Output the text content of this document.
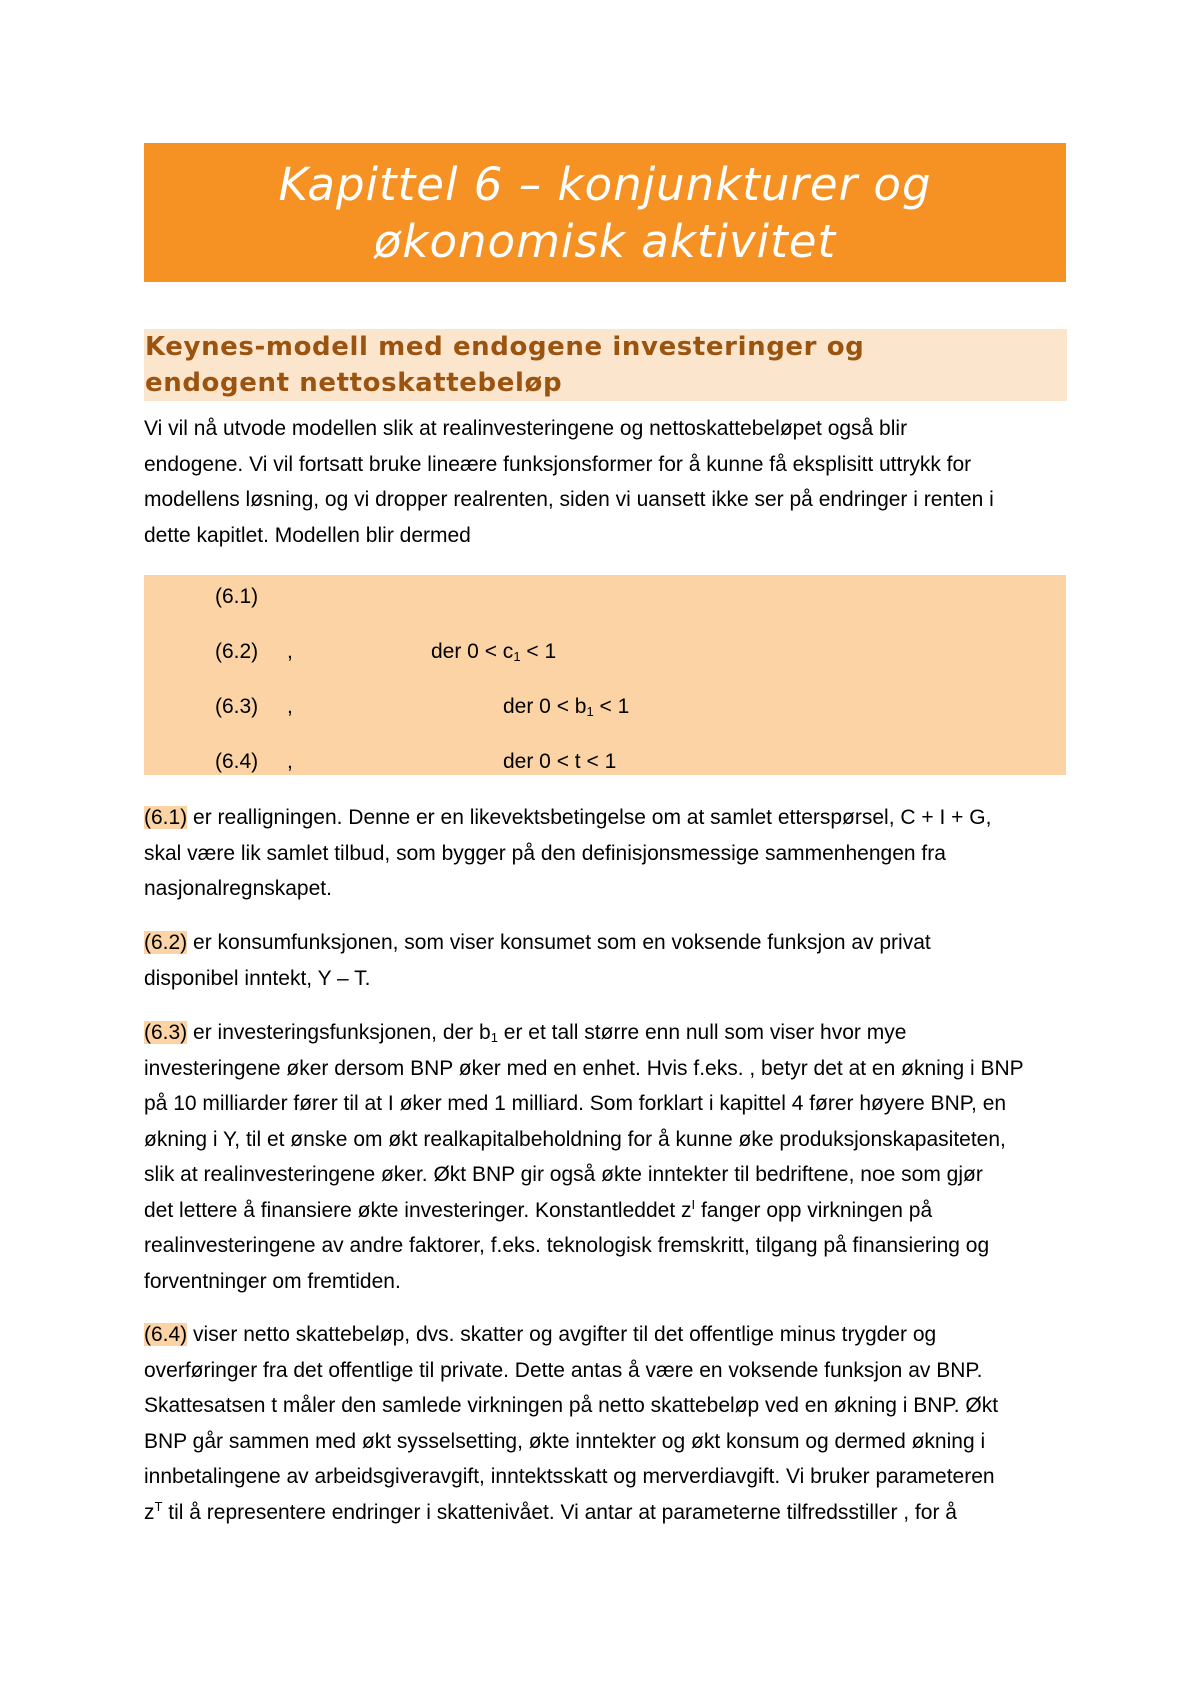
Kapittel 6 – konjunkturer og
økonomisk aktivitet
Keynes-modell med endogene investeringer og
endogent nettoskattebeløp
Vi vil nå utvode modellen slik at realinvesteringene og nettoskattebeløpet også blir
endogene. Vi vil fortsatt bruke lineære funksjonsformer for å kunne få eksplisitt uttrykk for
modellens løsning, og vi dropper realrenten, siden vi uansett ikke ser på endringer i renten i
dette kapitlet. Modellen blir dermed
(6.1)
(6.2) ,	der $0 < c_1 < 1$
(6.3) ,	der $0 < b_1 < 1$
(6.4) ,	der 0 < t < 1
(6.1) er realligningen. Denne er en likevektsbetingelse om at samlet etterspørsel, C + I + G,
skal være lik samlet tilbud, som bygger på den definisjonsmessige sammenhengen fra
nasjonalregnskapet.
(6.2) er konsumfunksjonen, som viser konsumet som en voksende funksjon av privat
disponibel inntekt, Y – T.
(6.3) er investeringsfunksjonen, der $b_1$ er et tall større enn null som viser hvor mye
investeringene øker dersom BNP øker med en enhet. Hvis f.eks. , betyr det at en økning i BNP
på 10 milliarder fører til at I øker med 1 milliard. Som forklart i kapittel 4 fører høyere BNP, en
økning i Y, til et ønske om økt realkapitalbeholdning for å kunne øke produksjonskapasiteten,
slik at realinvesteringene øker. Økt BNP gir også økte inntekter til bedriftene, noe som gjør
det lettere å finansiere økte investeringer. Konstantleddet $z^I$ fanger opp virkningen på
realinvesteringene av andre faktorer, f.eks. teknologisk fremskritt, tilgang på finansiering og
forventninger om fremtiden.
(6.4) viser netto skattebeløp, dvs. skatter og avgifter til det offentlige minus trygder og
overføringer fra det offentlige til private. Dette antas å være en voksende funksjon av BNP.
Skattesatsen t måler den samlede virkningen på netto skattebeløp ved en økning i BNP. Økt
BNP går sammen med økt sysselsetting, økte inntekter og økt konsum og dermed økning i
innbetalingene av arbeidsgiveravgift, inntektsskatt og merverdiavgift. Vi bruker parameteren
$z^T$ til å representere endringer i skattenivået. Vi antar at parameterne tilfredsstiller , for å
